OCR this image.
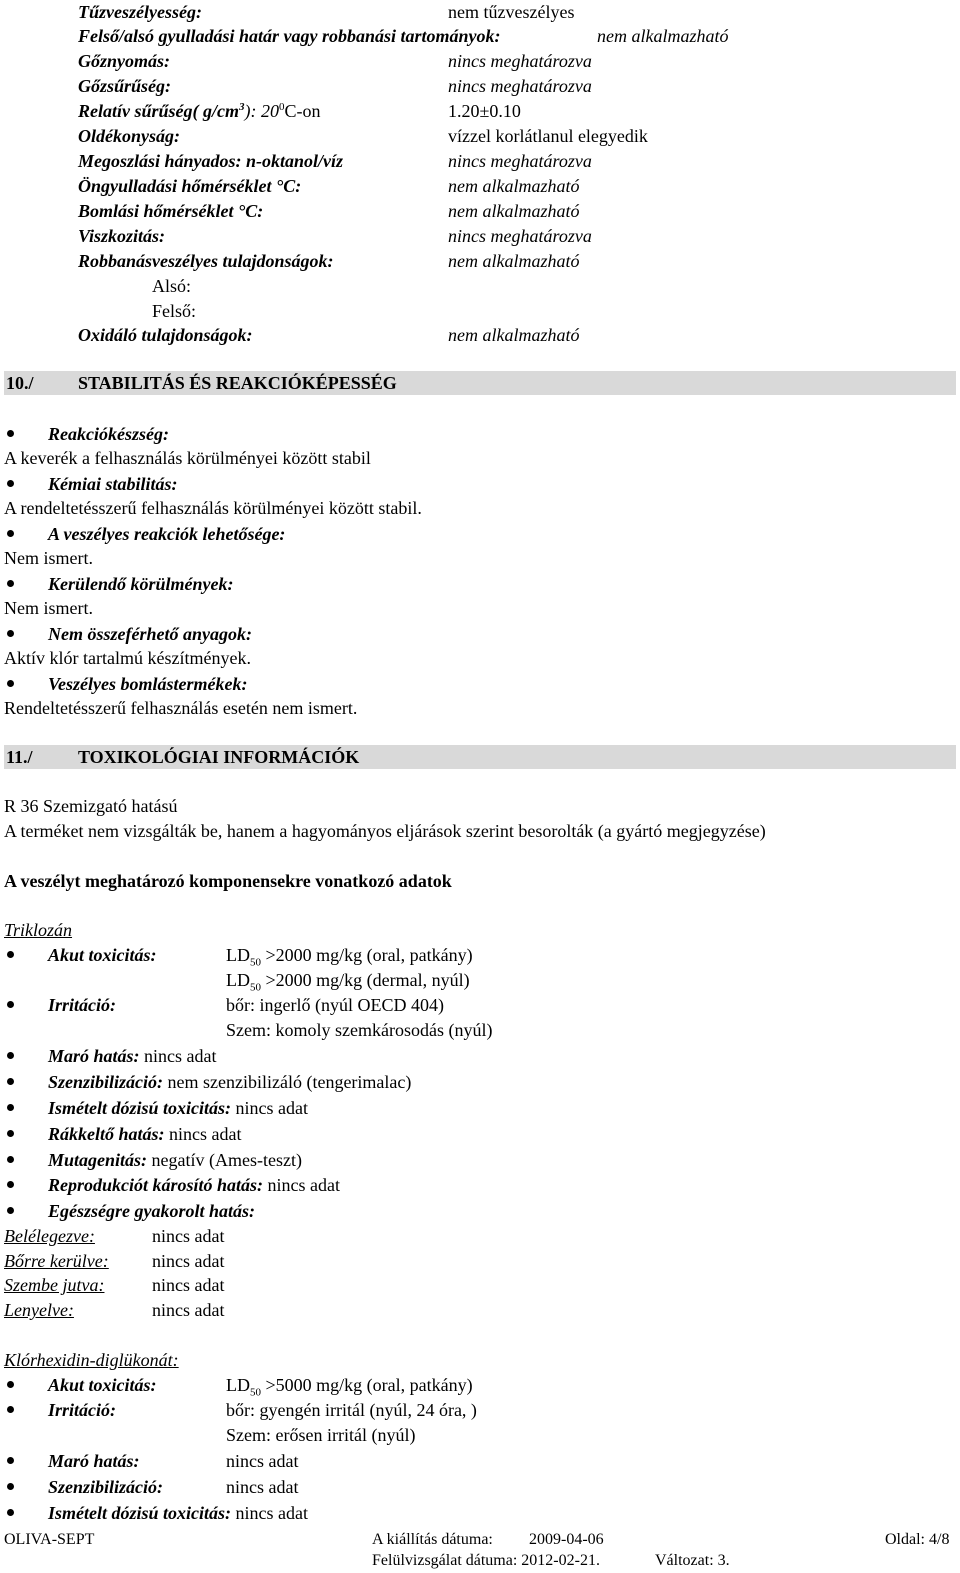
Tűzveszélyesség:	nem tűzveszélyes
Felső/alsó gyulladási határ vagy robbanási tartományok:	nem alkalmazható
Gőznyomás:	nincs meghatározva
Gőzsűrűség:	nincs meghatározva
Relatív sűrűség( $g/cm^3$): $20^0C-on$	1.20±0.10
Oldékonyság:	vízzel korlátlanul elegyedik
Megoszlási hányados: n-oktanol/víz	nincs meghatározva
Öngyulladási hőmérséklet °C:	nem alkalmazható
Bomlási hőmérséklet °C:	nem alkalmazható
Viszkozitás:	nincs meghatározva
Robbanásveszélyes tulajdonságok:	nem alkalmazható
Alsó:
Felső:
Oxidáló tulajdonságok:	nem alkalmazható
10./ STABILITÁS ÉS REAKCIÓKÉPESSÉG
Reakciókészség:
A keverék a felhasználás körülményei között stabil
Kémiai stabilitás:
A rendeltetésszerű felhasználás körülményei között stabil.
A veszélyes reakciók lehetősége:
Nem ismert.
Kerülendő körülmények:
Nem ismert.
Nem összeférhető anyagok:
Aktív klór tartalmú készítmények.
Veszélyes bomlástermékek:
Rendeltetésszerű felhasználás esetén nem ismert.
11./	TOXIKOLÓGIAI INFORMÁCIÓK
R 36 Szemizgató hatású
A terméket nem vizsgálták be, hanem a hagyományos eljárások szerint besorolták (a gyártó megjegyzése)
A veszélyt meghatározó komponensekre vonatkozó adatok
Triklozán
Akut toxicitás:	$LD_{50} >2000$ mg/kg (oral, patkány)
$LD_{50} >2000$ mg/kg (dermal, nyúl)
Irritáció:	bőr: ingerlő (nyúl OECD 404)
Szem: komoly szemkárosodás (nyúl)
Maró hatás: nincs adat
Szenzibilizáció: nem szenzibilizáló (tengerimalac)
Ismételt dózisú toxicitás: nincs adat
Rákkeltő hatás: nincs adat
Mutagenitás: negatív (Ames-teszt)
Reprodukciót károsító hatás: nincs adat
Egészségre gyakorolt hatás:
Belélegezve:	nincs adat
Bőrre kerülve: nincs adat
Szembe jutva:	nincs adat
Lenyelve:	nincs adat
Klórhexidin-diglükonát:
Akut toxicitás:	$LD_{50} >5000$ mg/kg (oral, patkány)
Irritáció:	bőr: gyengén irritál (nyúl, 24 óra, )
Szem: erősen irritál (nyúl)
Maró hatás:	nincs adat
Szenzibilizáció:	nincs adat
Ismételt dózisú toxicitás: nincs adat
OLIVA-SEPT	A kiállítás dátuma: 2009-04-06	Oldal: 4/8
Felülvizsgálat dátuma: 2012-02-21.	Változat: 3.
